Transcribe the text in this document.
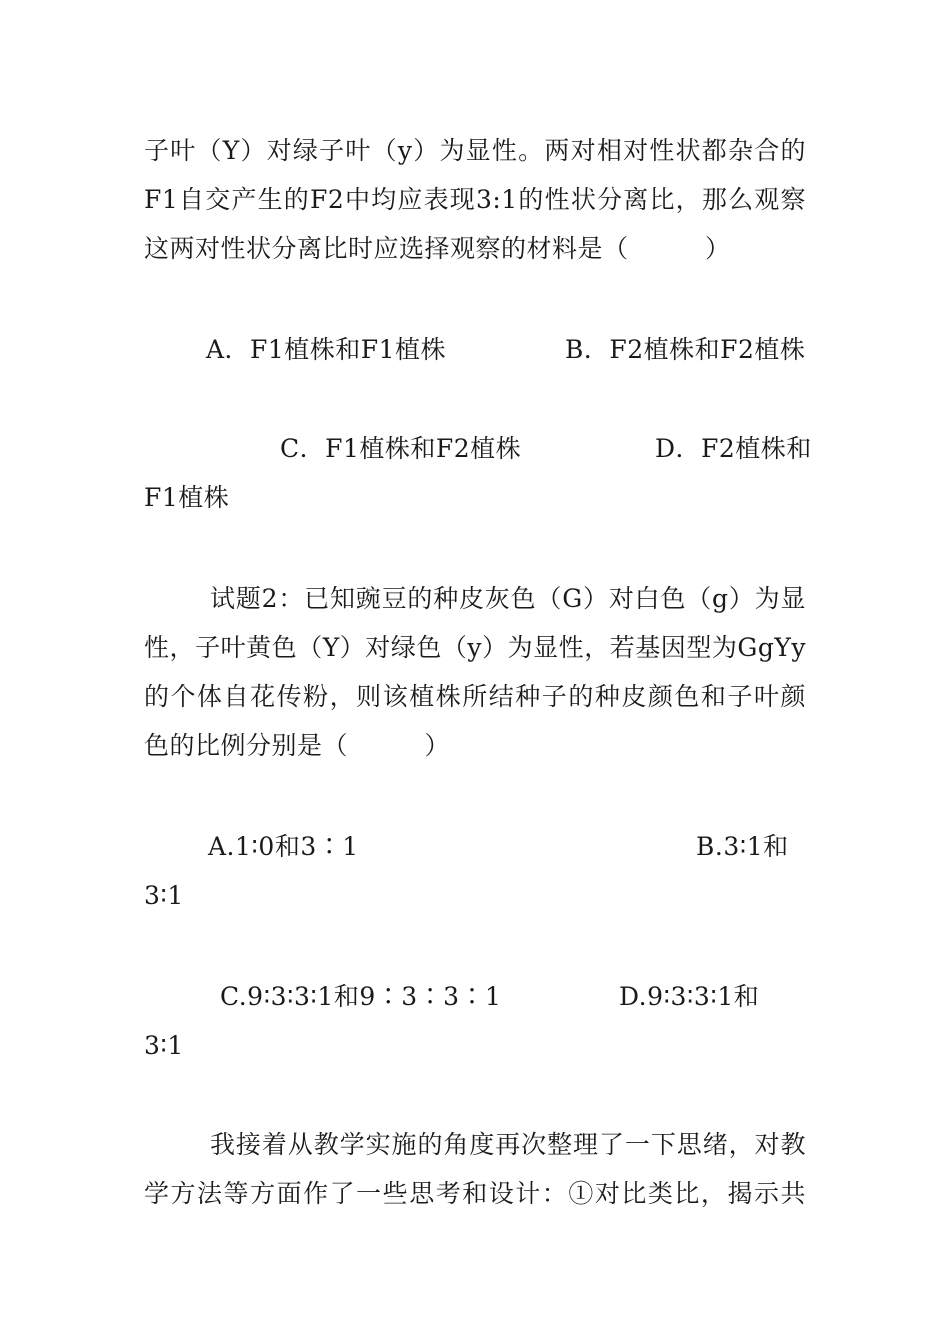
子叶（Y）对绿子叶（y）为显性。两对相对性状都杂合的
F1自交产生的F2中均应表现3:1的性状分离比，那么观察
这两对性状分离比时应选择观察的材料是（　　　）
A．F1植株和F1植株	B．F2植株和F2植株
C．F1植株和F2植株	D．F2植株和
F1植株
试题2：已知豌豆的种皮灰色（G）对白色（g）为显
性，子叶黄色（Y）对绿色（y）为显性，若基因型为GgYy
的个体自花传粉，则该植株所结种子的种皮颜色和子叶颜
色的比例分别是（　　　）
A.1∶0和3∶1	B.3∶1和
3∶1
C.9∶3∶3∶1和9∶3∶3∶1	D.9∶3∶3∶1和
3∶1
我接着从教学实施的角度再次整理了一下思绪，对教
学方法等方面作了一些思考和设计：①对比类比，揭示共
